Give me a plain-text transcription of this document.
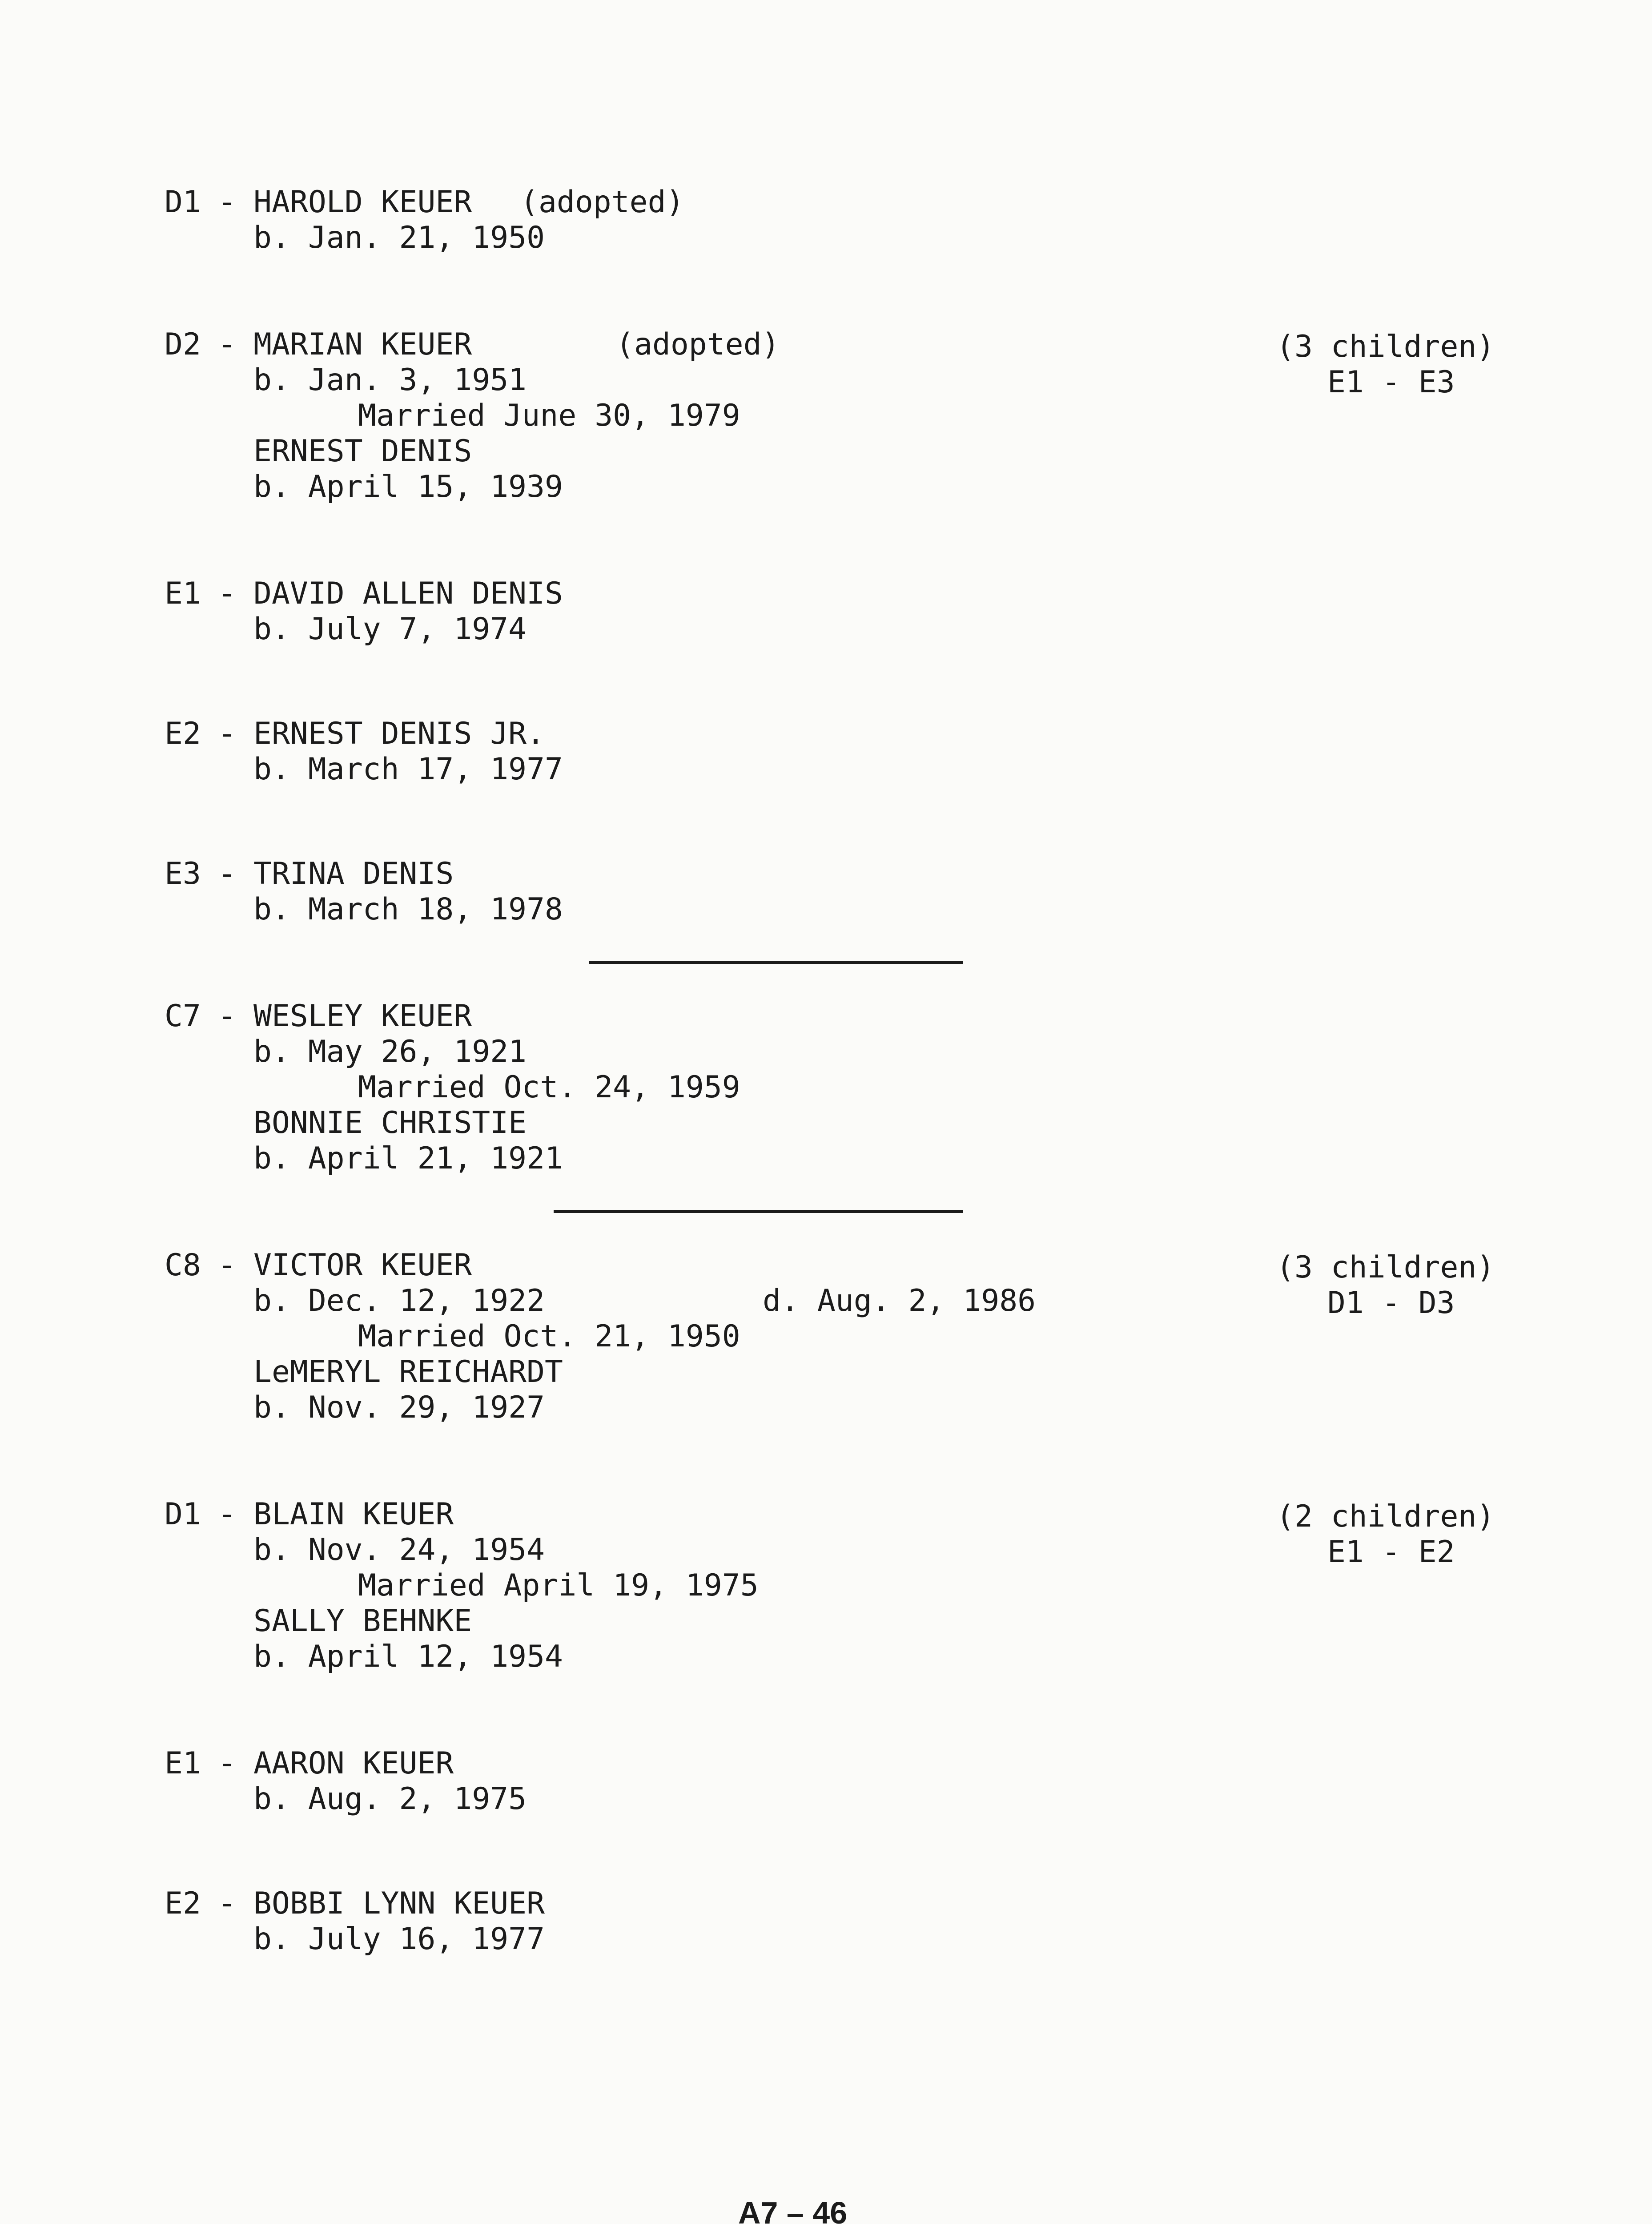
D1 - HAROLD KEUER (adopted)
b. Jan. 21, 1950
D2 - MARIAN KEUER	(adopted)
b. Jan. 3, 1951
Married June 30, 1979
ERNEST DENIS
b. April 15, 1939
(3 children)
E1 - E3
E1 - DAVID ALLEN DENIS
b. July 7, 1974
E2 - ERNEST DENIS JR.
b. March 17, 1977
E3 - TRINA DENIS
b. March 18, 1978
C7 - WESLEY KEUER
b. May 26, 1921
Married Oct. 24, 1959
BONNIE CHRISTIE
b. April 21, 1921
C8 - VICTOR KEUER
b. Dec. 12, 1922	d. Aug. 2, 1986
Married Oct. 21, 1950
LeMERYL REICHARDT
b. Nov. 29, 1927
(3 children)
D1 - D3
D1 - BLAIN KEUER
b. Nov. 24, 1954
Married April 19, 1975
SALLY BEHNKE
b. April 12, 1954
(2 children)
E1 - E2
E1 - AARON KEUER
b. Aug. 2, 1975
E2 - BOBBI LYNN KEUER
b. July 16, 1977
A7 – 46
